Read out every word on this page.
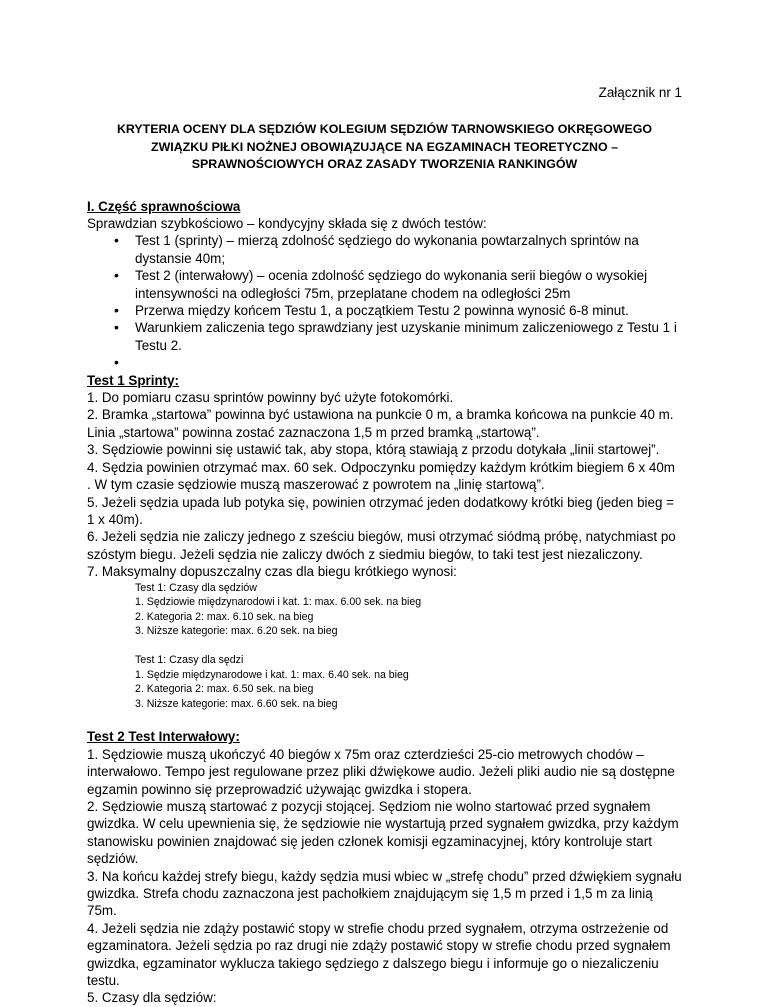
Załącznik nr 1

KRYTERIA OCENY DLA SĘDZIÓW KOLEGIUM SĘDZIÓW TARNOWSKIEGO OKRĘGOWEGO ZWIĄZKU PIŁKI NOŻNEJ OBOWIĄZUJĄCE NA EGZAMINACH TEORETYCZNO –SPRAWNOŚCIOWYCH ORAZ ZASADY TWORZENIA RANKINGÓW

I. Część sprawnościowa

Sprawdzian szybkościowo – kondycyjny składa się z dwóch testów:

• Test 1 (sprinty) – mierzą zdolność sędziego do wykonania powtarzalnych sprintów na dystansie 40m;
• Test 2 (interwałowy) – ocenia zdolność sędziego do wykonania serii biegów o wysokiej intensywności na odległości 75m, przeplatane chodem na odległości 25m
• Przerwa między końcem Testu 1, a początkiem Testu 2 powinna wynosić 6-8 minut.
• Warunkiem zaliczenia tego sprawdziany jest uzyskanie minimum zaliczeniowego z Testu 1 i Testu 2.
•

Test 1 Sprinty:

1. Do pomiaru czasu sprintów powinny być użyte fotokomórki.

2. Bramka „startowa” powinna być ustawiona na punkcie 0 m, a bramka końcowa na punkcie 40 m. Linia „startowa” powinna zostać zaznaczona 1,5 m przed bramką „startową”.

3. Sędziowie powinni się ustawić tak, aby stopa, którą stawiają z przodu dotykała „linii startowej”.

4. Sędzia powinien otrzymać max. 60 sek. Odpoczynku pomiędzy każdym krótkim biegiem 6 x 40m . W tym czasie sędziowie muszą maszerować z powrotem na „linię startową”.

5. Jeżeli sędzia upada lub potyka się, powinien otrzymać jeden dodatkowy krótki bieg (jeden bieg = 1 x 40m).

6. Jeżeli sędzia nie zaliczy jednego z sześciu biegów, musi otrzymać siódmą próbę, natychmiast po szóstym biegu. Jeżeli sędzia nie zaliczy dwóch z siedmiu biegów, to taki test jest niezaliczony.

7. Maksymalny dopuszczalny czas dla biegu krótkiego wynosi:

Test 1: Czasy dla sędziów

1. Sędziowie międzynarodowi i kat. 1: max. 6.00 sek. na bieg

2. Kategoria 2: max. 6.10 sek. na bieg

3. Niższe kategorie: max. 6.20 sek. na bieg

Test 1: Czasy dla sędzi

1. Sędzie międzynarodowe i kat. 1: max. 6.40 sek. na bieg

2. Kategoria 2: max. 6.50 sek. na bieg

3. Niższe kategorie: max. 6.60 sek. na bieg

Test 2 Test Interwałowy:

1. Sędziowie muszą ukończyć 40 biegów x 75m oraz czterdzieści 25-cio metrowych chodów – interwałowo. Tempo jest regulowane przez pliki dźwiękowe audio. Jeżeli pliki audio nie są dostępne egzamin powinno się przeprowadzić używając gwizdka i stopera.

2. Sędziowie muszą startować z pozycji stojącej. Sędziom nie wolno startować przed sygnałem gwizdka. W celu upewnienia się, że sędziowie nie wystartują przed sygnałem gwizdka, przy każdym stanowisku powinien znajdować się jeden członek komisji egzaminacyjnej, który kontroluje start sędziów.

3. Na końcu każdej strefy biegu, każdy sędzia musi wbiec w „strefę chodu” przed dźwiękiem sygnału gwizdka. Strefa chodu zaznaczona jest pachołkiem znajdującym się 1,5 m przed i 1,5 m za linią 75m.

4. Jeżeli sędzia nie zdąży postawić stopy w strefie chodu przed sygnałem, otrzyma ostrzeżenie od egzaminatora. Jeżeli sędzia po raz drugi nie zdąży postawić stopy w strefie chodu przed sygnałem gwizdka, egzaminator wyklucza takiego sędziego z dalszego biegu i informuje go o niezaliczeniu testu.

5. Czasy dla sędziów:
